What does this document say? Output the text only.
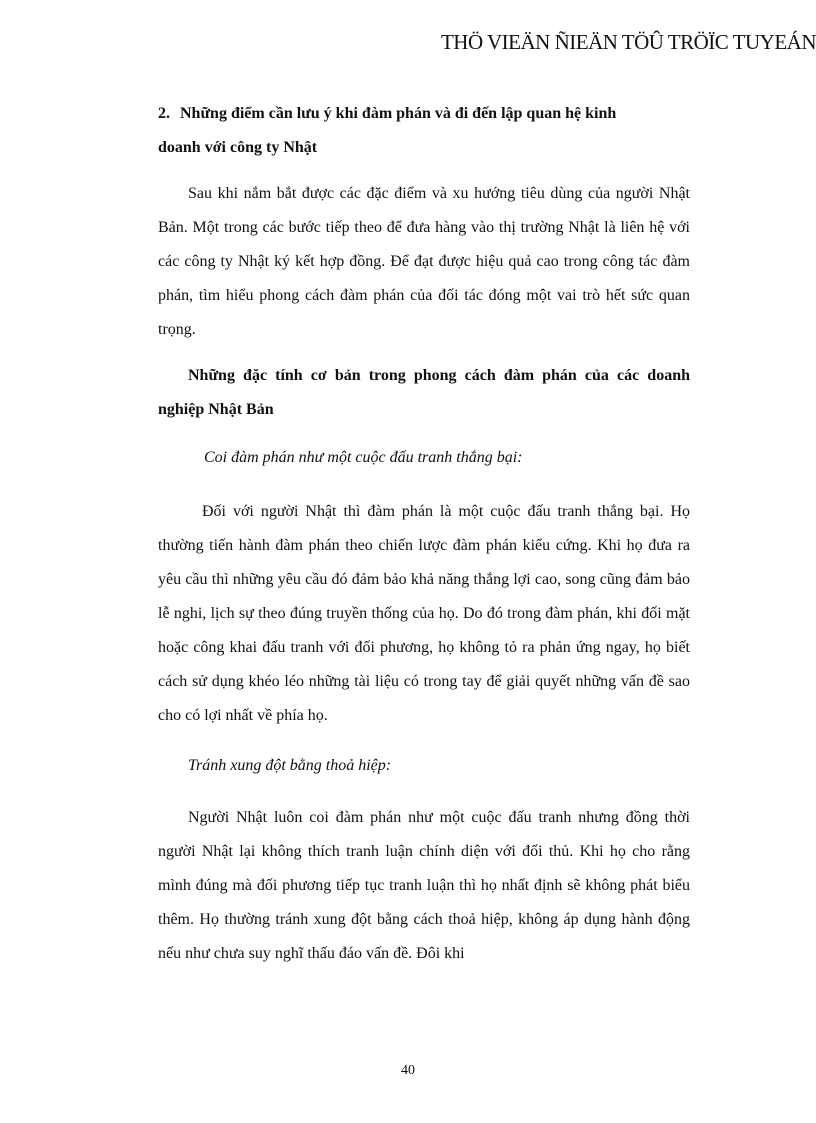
THÖ VIEÄN ÑIEÄN TÖÛ TRÖÏC TUYEÁN

2. Những điểm cần lưu ý khi đàm phán và đi đến lập quan hệ kinh

doanh với công ty Nhật

Sau khi nắm bắt được các đặc điểm và xu hướng tiêu dùng của người Nhật Bản. Một trong các bước tiếp theo để đưa hàng vào thị trường Nhật là liên hệ với các công ty Nhật ký kết hợp đồng. Để đạt được hiệu quả cao trong công tác đàm phán, tìm hiểu phong cách đàm phán của đối tác đóng một vai trò hết sức quan trọng.

Những đặc tính cơ bản trong phong cách đàm phán của các doanh nghiệp Nhật Bản

Coi đàm phán như một cuộc đấu tranh thắng bại:

Đối với người Nhật thì đàm phán là một cuộc đấu tranh thắng bại. Họ thường tiến hành đàm phán theo chiến lược đàm phán kiểu cứng. Khi họ đưa ra yêu cầu thì những yêu cầu đó đảm bảo khả năng thắng lợi cao, song cũng đảm bảo lễ nghi, lịch sự theo đúng truyền thống của họ. Do đó trong đàm phán, khi đối mặt hoặc công khai đấu tranh với đối phương, họ không tỏ ra phản ứng ngay, họ biết cách sử dụng khéo léo những tài liệu có trong tay để giải quyết những vấn đề sao cho có lợi nhất về phía họ.

Tránh xung đột bằng thoả hiệp:

Người Nhật luôn coi đàm phán như một cuộc đấu tranh nhưng đồng thời người Nhật lại không thích tranh luận chính diện với đối thủ. Khi họ cho rằng mình đúng mà đối phương tiếp tục tranh luận thì họ nhất định sẽ không phát biểu thêm. Họ thường tránh xung đột bằng cách thoả hiệp, không áp dụng hành động nếu như chưa suy nghĩ thấu đáo vấn đề. Đôi khi

40
